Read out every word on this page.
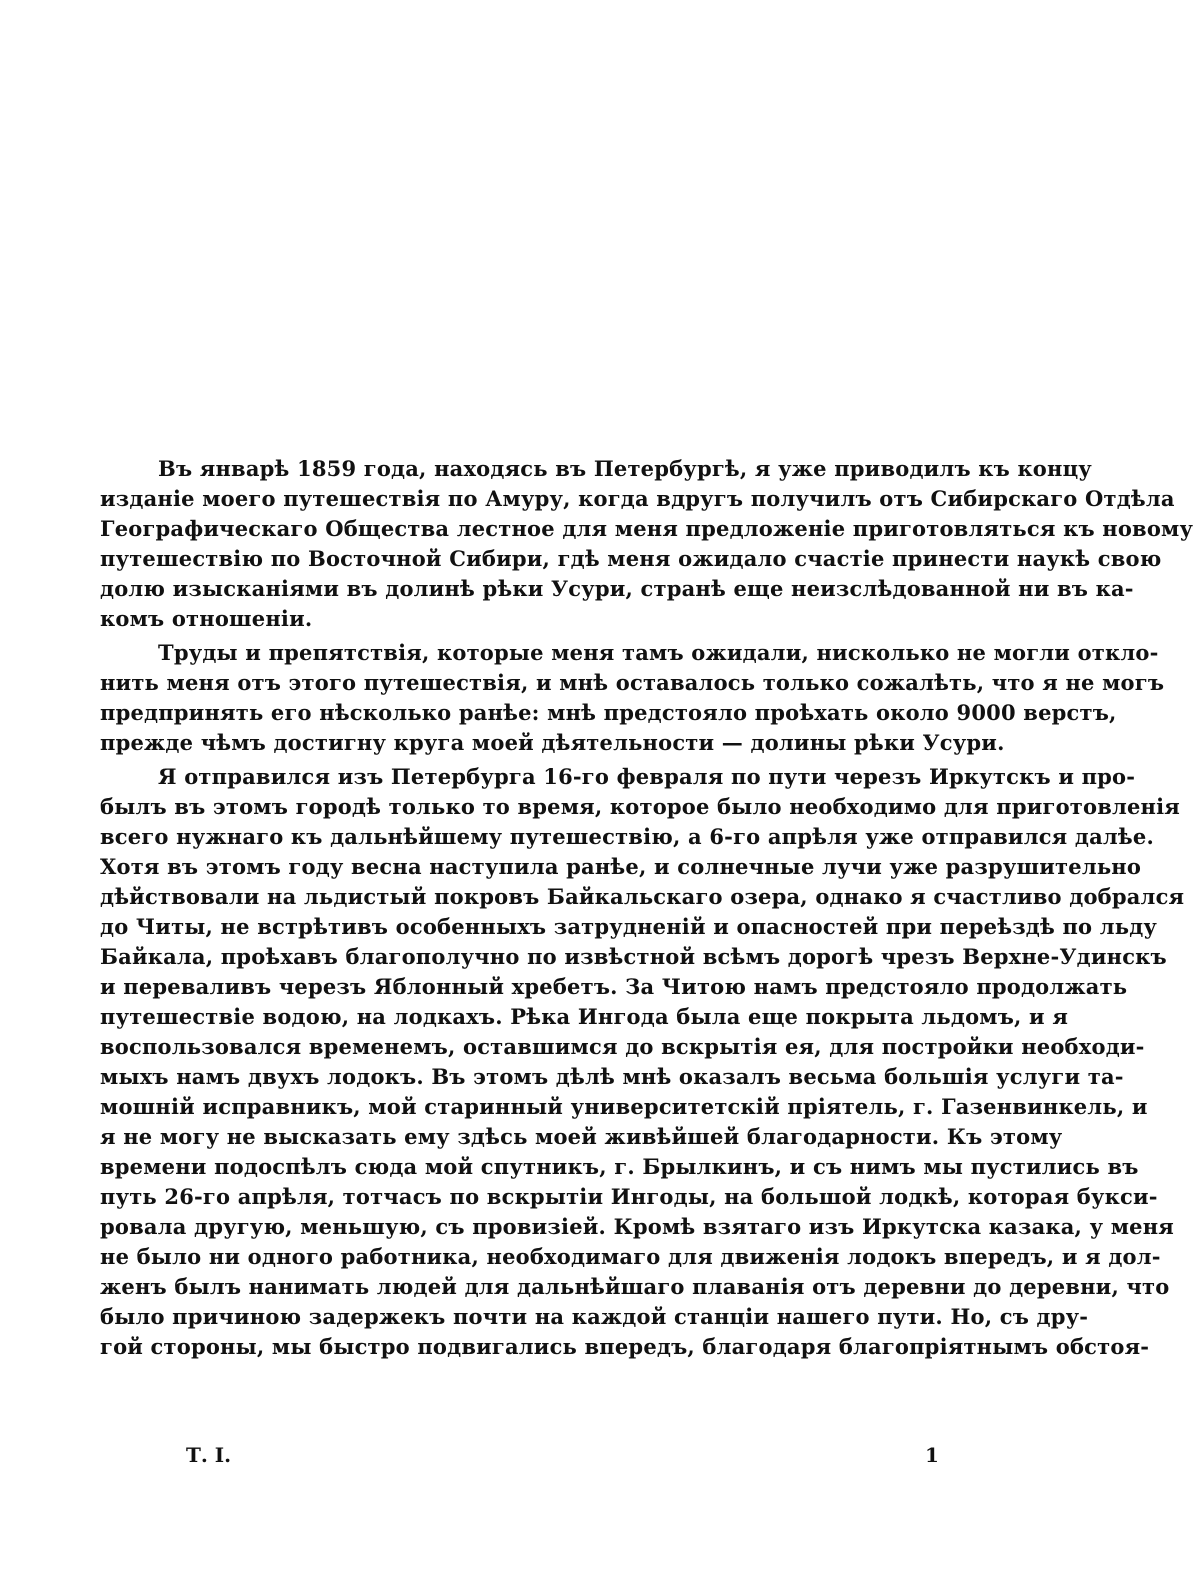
Въ январѣ 1859 года, находясь въ Петербургѣ, я уже приводилъ къ концу
изданіе моего путешествія по Амуру, когда вдругъ получилъ отъ Сибирскаго Отдѣла
Географическаго Общества лестное для меня предложеніе приготовляться къ новому
путешествію по Восточной Сибири, гдѣ меня ожидало счастіе принести наукѣ свою
долю изысканіями въ долинѣ рѣки Усури, странѣ еще неизслѣдованной ни въ ка-
комъ отношеніи.
Труды и препятствія, которые меня тамъ ожидали, нисколько не могли откло-
нить меня отъ этого путешествія, и мнѣ оставалось только сожалѣть, что я не могъ
предпринять его нѣсколько ранѣе: мнѣ предстояло проѣхать около 9000 верстъ,
прежде чѣмъ достигну круга моей дѣятельности — долины рѣки Усури.
Я отправился изъ Петербурга 16-го февраля по пути черезъ Иркутскъ и про-
былъ въ этомъ городѣ только то время, которое было необходимо для приготовленія
всего нужнаго къ дальнѣйшему путешествію, а 6-го апрѣля уже отправился далѣе.
Хотя въ этомъ году весна наступила ранѣе, и солнечные лучи уже разрушительно
дѣйствовали на льдистый покровъ Байкальскаго озера, однако я счастливо добрался
до Читы, не встрѣтивъ особенныхъ затрудненій и опасностей при переѣздѣ по льду
Байкала, проѣхавъ благополучно по извѣстной всѣмъ дорогѣ чрезъ Верхне-Удинскъ
и переваливъ черезъ Яблонный хребетъ. За Читою намъ предстояло продолжать
путешествіе водою, на лодкахъ. Рѣка Ингода была еще покрыта льдомъ, и я
воспользовался временемъ, оставшимся до вскрытія ея, для постройки необходи-
мыхъ намъ двухъ лодокъ. Въ этомъ дѣлѣ мнѣ оказалъ весьма большія услуги та-
мошній исправникъ, мой старинный университетскій пріятель, г. Газенвинкель, и
я не могу не высказать ему здѣсь моей живѣйшей благодарности. Къ этому
времени подоспѣлъ сюда мой спутникъ, г. Брылкинъ, и съ нимъ мы пустились въ
путь 26-го апрѣля, тотчасъ по вскрытіи Ингоды, на большой лодкѣ, которая букси-
ровала другую, меньшую, съ провизіей. Кромѣ взятаго изъ Иркутска казака, у меня
не было ни одного работника, необходимаго для движенія лодокъ впередъ, и я дол-
женъ былъ нанимать людей для дальнѣйшаго плаванія отъ деревни до деревни, что
было причиною задержекъ почти на каждой станціи нашего пути. Но, съ дру-
гой стороны, мы быстро подвигались впередъ, благодаря благопріятнымъ обстоя-
Т. I.	1
